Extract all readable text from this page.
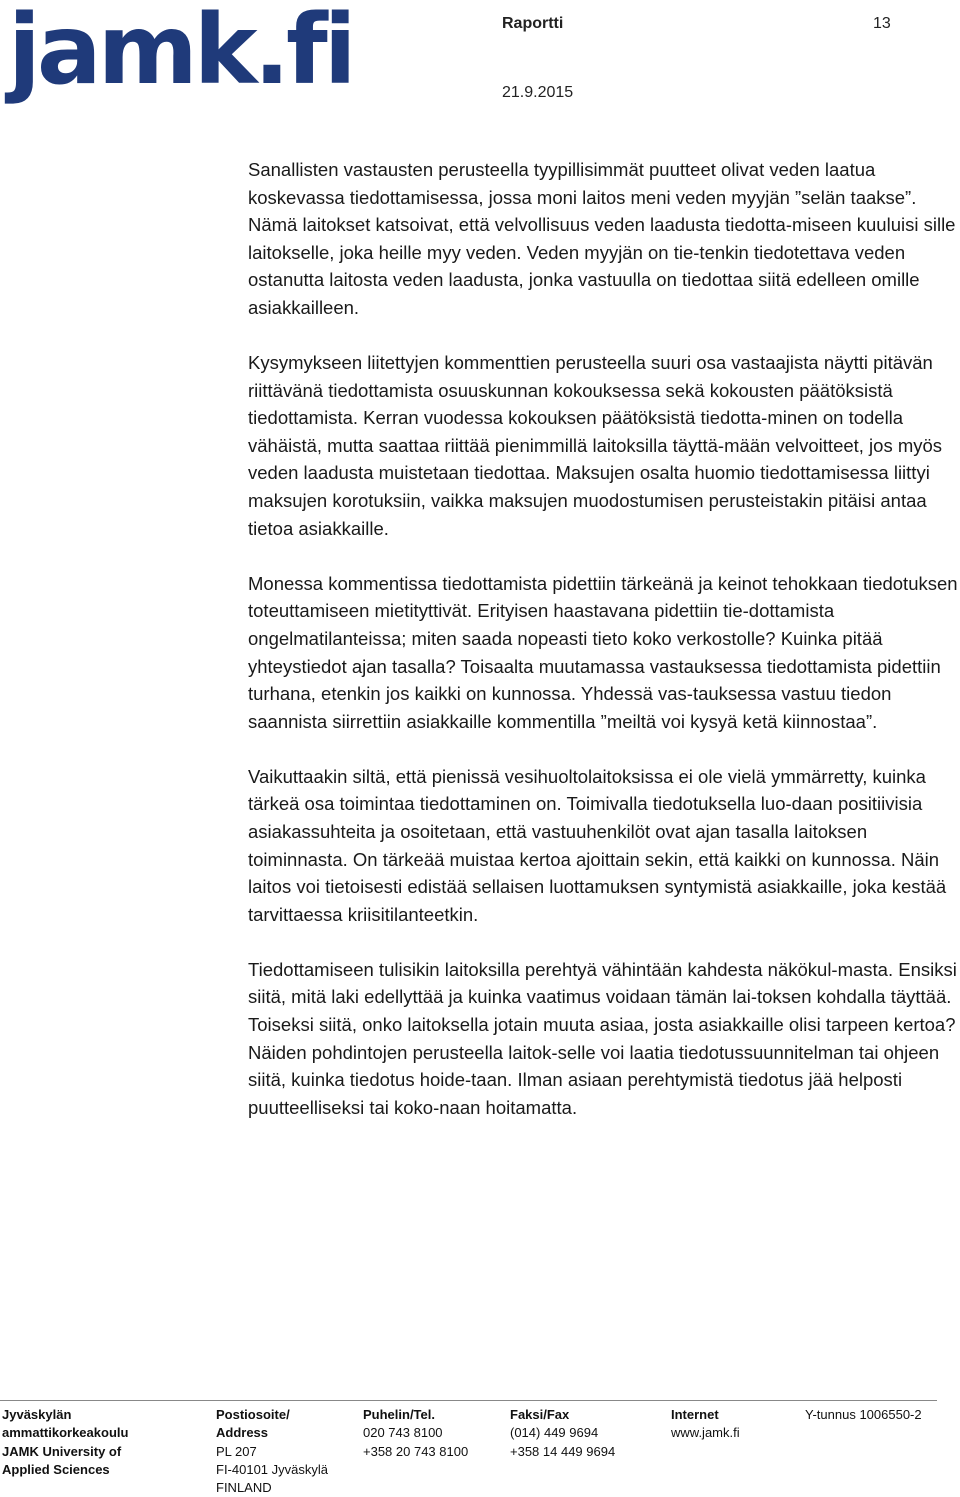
jamk.fi	Raportti	13
21.9.2015

Sanallisten vastausten perusteella tyypillisimmät puutteet olivat veden laatua koskevassa tiedottamisessa, jossa moni laitos meni veden myyjän ”selän taakse”. Nämä laitokset katsoivat, että velvollisuus veden laadusta tiedotta-miseen kuuluisi sille laitokselle, joka heille myy veden. Veden myyjän on tie-tenkin tiedotettava veden ostanutta laitosta veden laadusta, jonka vastuulla on tiedottaa siitä edelleen omille asiakkailleen.

Kysymykseen liitettyjen kommenttien perusteella suuri osa vastaajista näytti pitävän riittävänä tiedottamista osuuskunnan kokouksessa sekä kokousten päätöksistä tiedottamista. Kerran vuodessa kokouksen päätöksistä tiedotta-minen on todella vähäistä, mutta saattaa riittää pienimmillä laitoksilla täyttä-mään velvoitteet, jos myös veden laadusta muistetaan tiedottaa. Maksujen osalta huomio tiedottamisessa liittyi maksujen korotuksiin, vaikka maksujen muodostumisen perusteistakin pitäisi antaa tietoa asiakkaille.

Monessa kommentissa tiedottamista pidettiin tärkeänä ja keinot tehokkaan tiedotuksen toteuttamiseen mietityttivät. Erityisen haastavana pidettiin tie-dottamista ongelmatilanteissa; miten saada nopeasti tieto koko verkostolle? Kuinka pitää yhteystiedot ajan tasalla? Toisaalta muutamassa vastauksessa tiedottamista pidettiin turhana, etenkin jos kaikki on kunnossa. Yhdessä vas-tauksessa vastuu tiedon saannista siirrettiin asiakkaille kommentilla ”meiltä voi kysyä ketä kiinnostaa”.

Vaikuttaakin siltä, että pienissä vesihuoltolaitoksissa ei ole vielä ymmärretty, kuinka tärkeä osa toimintaa tiedottaminen on. Toimivalla tiedotuksella luo-daan positiivisia asiakassuhteita ja osoitetaan, että vastuuhenkilöt ovat ajan tasalla laitoksen toiminnasta. On tärkeää muistaa kertoa ajoittain sekin, että kaikki on kunnossa. Näin laitos voi tietoisesti edistää sellaisen luottamuksen syntymistä asiakkaille, joka kestää tarvittaessa kriisitilanteetkin.

Tiedottamiseen tulisikin laitoksilla perehtyä vähintään kahdesta näkökul-masta. Ensiksi siitä, mitä laki edellyttää ja kuinka vaatimus voidaan tämän lai-toksen kohdalla täyttää. Toiseksi siitä, onko laitoksella jotain muuta asiaa, josta asiakkaille olisi tarpeen kertoa? Näiden pohdintojen perusteella laitok-selle voi laatia tiedotussuunnitelman tai ohjeen siitä, kuinka tiedotus hoide-taan. Ilman asiaan perehtymistä tiedotus jää helposti puutteelliseksi tai koko-naan hoitamatta.

Jyväskylän
ammattikorkeakoulu
JAMK University of
Applied Sciences
Postiosoite/
Address
PL 207
FI-40101 Jyväskylä
FINLAND
Puhelin/Tel.
020 743 8100
+358 20 743 8100
Faksi/Fax
(014) 449 9694
+358 14 449 9694
Internet
www.jamk.fi
Y-tunnus 1006550-2
